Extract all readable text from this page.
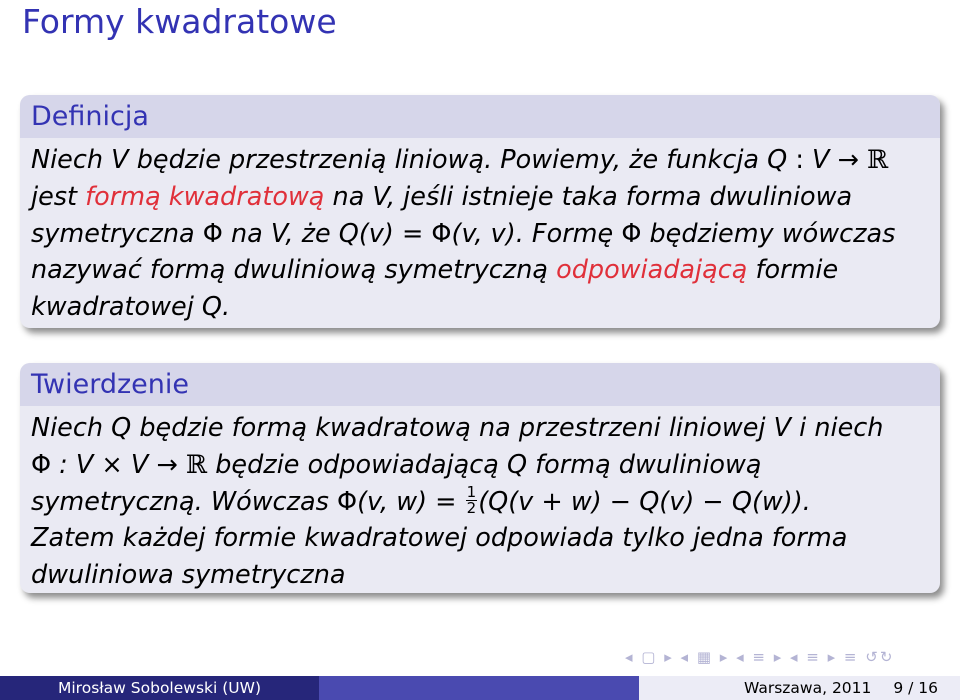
Formy kwadratowe
Definicja
Niech V będzie przestrzenią liniową. Powiemy, że funkcja Q : V → ℝ
jest formą kwadratową na V, jeśli istnieje taka forma dwuliniowa
symetryczna Φ na V, że Q(v) = Φ(v, v). Formę Φ będziemy wówczas
nazywać formą dwuliniową symetryczną odpowiadającą formie
kwadratowej Q.
Twierdzenie
Niech Q będzie formą kwadratową na przestrzeni liniowej V i niech
Φ : V × V → ℝ będzie odpowiadającą Q formą dwuliniową
symetryczną. Wówczas Φ(v, $w) = \frac{1}{2} (Q(v + w) - Q(v) - Q(w))$.
Zatem każdej formie kwadratowej odpowiada tylko jedna forma
dwuliniowa symetryczna
◂ ▢ ▸ ◂ ▦ ▸ ◂ ≡ ▸ ◂ ≡ ▸ ≡ ↺↻
Mirosław Sobolewski (UW)	Warszawa, 2011 9 / 16
